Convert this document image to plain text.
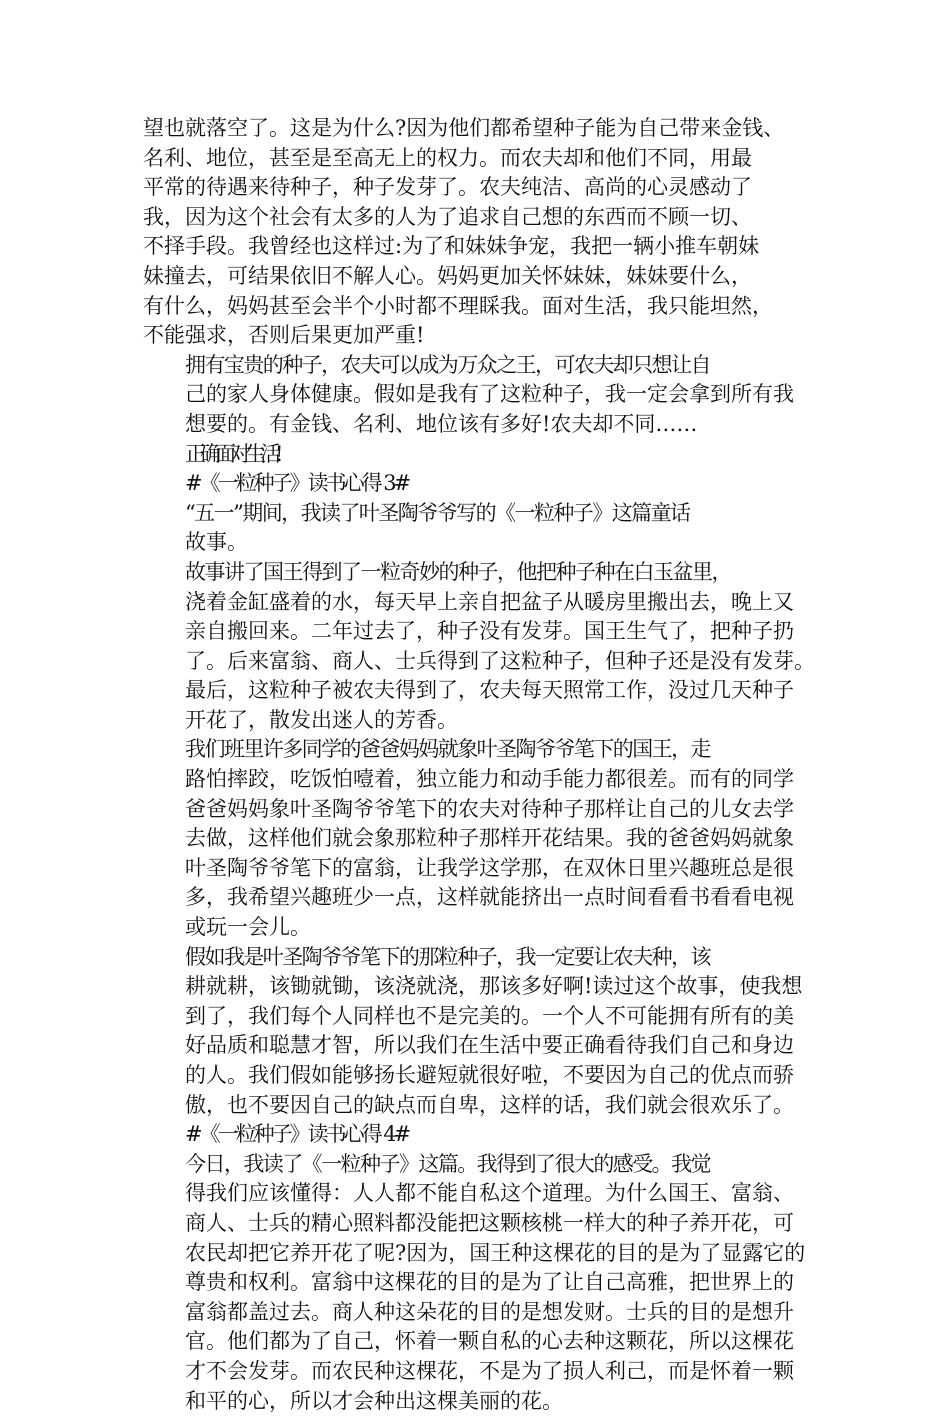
望也就落空了。这是为什么?因为他们都希望种子能为自己带来金钱、
名利、地位，甚至是至高无上的权力。而农夫却和他们不同，用最
平常的待遇来待种子，种子发芽了。农夫纯洁、高尚的心灵感动了
我，因为这个社会有太多的人为了追求自己想的东西而不顾一切、
不择手段。我曾经也这样过:为了和妹妹争宠，我把一辆小推车朝妹
妹撞去，可结果依旧不解人心。妈妈更加关怀妹妹，妹妹要什么，
有什么，妈妈甚至会半个小时都不理睬我。面对生活，我只能坦然，
不能强求，否则后果更加严重!

拥有宝贵的种子，农夫可以成为万众之王，可农夫却只想让自
己的家人身体健康。假如是我有了这粒种子，我一定会拿到所有我
想要的。有金钱、名利、地位该有多好!农夫却不同……

正确面对生活!

#《一粒种子》读书心得 3#

“五一”期间，我读了叶圣陶爷爷写的《一粒种子》这篇童话
故事。

故事讲了国王得到了一粒奇妙的种子，他把种子种在白玉盆里，
浇着金缸盛着的水，每天早上亲自把盆子从暖房里搬出去，晚上又
亲自搬回来。二年过去了，种子没有发芽。国王生气了，把种子扔
了。后来富翁、商人、士兵得到了这粒种子，但种子还是没有发芽。
最后，这粒种子被农夫得到了，农夫每天照常工作，没过几天种子
开花了，散发出迷人的芳香。

我们班里许多同学的爸爸妈妈就象叶圣陶爷爷笔下的国王，走
路怕摔跤，吃饭怕噎着，独立能力和动手能力都很差。而有的同学
爸爸妈妈象叶圣陶爷爷笔下的农夫对待种子那样让自己的儿女去学
去做，这样他们就会象那粒种子那样开花结果。我的爸爸妈妈就象
叶圣陶爷爷笔下的富翁，让我学这学那，在双休日里兴趣班总是很
多，我希望兴趣班少一点，这样就能挤出一点时间看看书看看电视
或玩一会儿。

假如我是叶圣陶爷爷笔下的那粒种子，我一定要让农夫种，该
耕就耕，该锄就锄，该浇就浇，那该多好啊!读过这个故事，使我想
到了，我们每个人同样也不是完美的。一个人不可能拥有所有的美
好品质和聪慧才智，所以我们在生活中要正确看待我们自己和身边
的人。我们假如能够扬长避短就很好啦，不要因为自己的优点而骄
傲，也不要因自己的缺点而自卑，这样的话，我们就会很欢乐了。

#《一粒种子》读书心得 4#

今日，我读了《一粒种子》这篇。我得到了很大的感受。我觉
得我们应该懂得：人人都不能自私这个道理。为什么国王、富翁、
商人、士兵的精心照料都没能把这颗核桃一样大的种子养开花，可
农民却把它养开花了呢?因为，国王种这棵花的目的是为了显露它的
尊贵和权利。富翁中这棵花的目的是为了让自己高雅，把世界上的
富翁都盖过去。商人种这朵花的目的是想发财。士兵的目的是想升
官。他们都为了自己，怀着一颗自私的心去种这颗花，所以这棵花
才不会发芽。而农民种这棵花，不是为了损人利己，而是怀着一颗
和平的心，所以才会种出这棵美丽的花。
